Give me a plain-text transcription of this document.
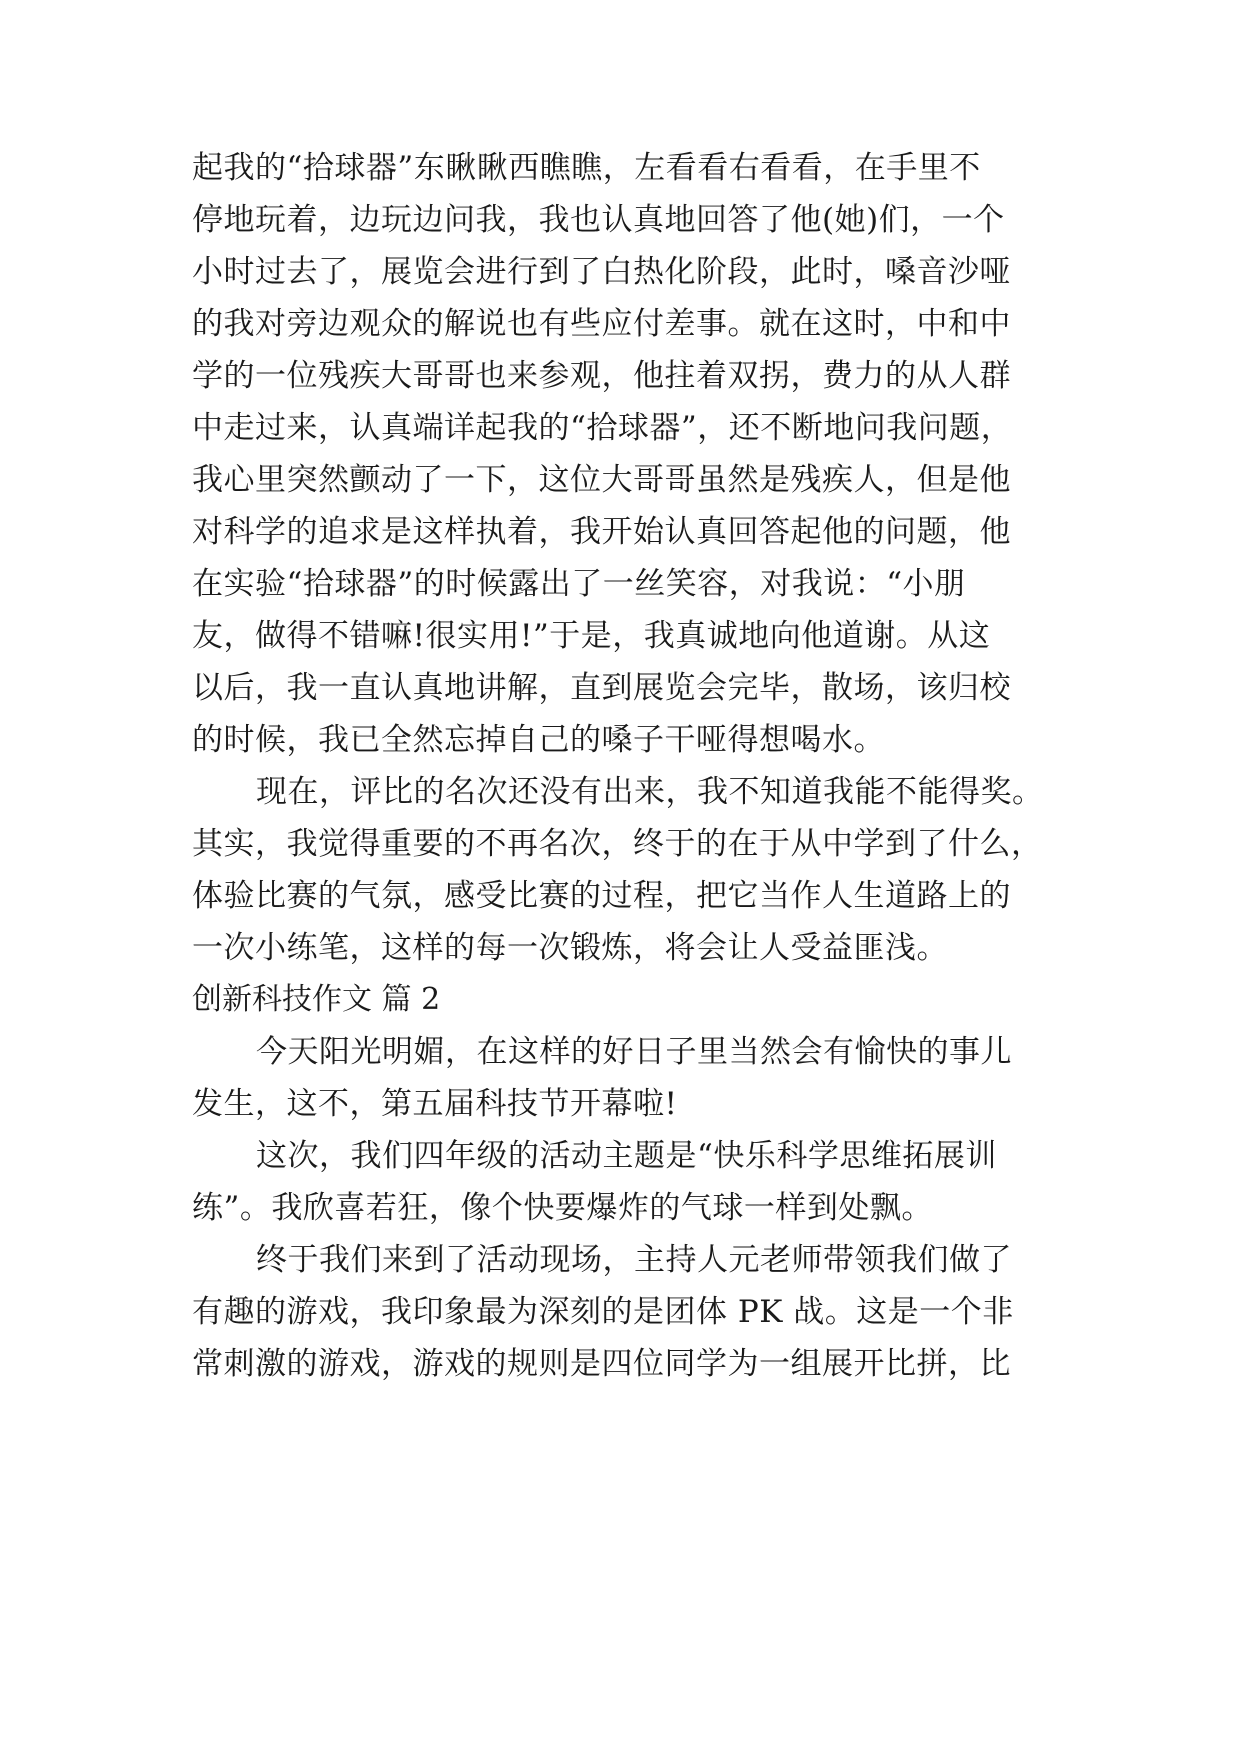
起我的“拾球器”东瞅瞅西瞧瞧，左看看右看看，在手里不
停地玩着，边玩边问我，我也认真地回答了他(她)们，一个
小时过去了，展览会进行到了白热化阶段，此时，嗓音沙哑
的我对旁边观众的解说也有些应付差事。就在这时，中和中
学的一位残疾大哥哥也来参观，他拄着双拐，费力的从人群
中走过来，认真端详起我的“拾球器”，还不断地问我问题，
我心里突然颤动了一下，这位大哥哥虽然是残疾人，但是他
对科学的追求是这样执着，我开始认真回答起他的问题，他
在实验“拾球器”的时候露出了一丝笑容，对我说：“小朋
友，做得不错嘛!很实用!”于是，我真诚地向他道谢。从这
以后，我一直认真地讲解，直到展览会完毕，散场，该归校
的时候，我已全然忘掉自己的嗓子干哑得想喝水。
现在，评比的名次还没有出来，我不知道我能不能得奖。
其实，我觉得重要的不再名次，终于的在于从中学到了什么，
体验比赛的气氛，感受比赛的过程，把它当作人生道路上的
一次小练笔，这样的每一次锻炼，将会让人受益匪浅。
创新科技作文 篇 2
今天阳光明媚，在这样的好日子里当然会有愉快的事儿
发生，这不，第五届科技节开幕啦!
这次，我们四年级的活动主题是“快乐科学思维拓展训
练”。我欣喜若狂，像个快要爆炸的气球一样到处飘。
终于我们来到了活动现场，主持人元老师带领我们做了
有趣的游戏，我印象最为深刻的是团体 PK 战。这是一个非
常刺激的游戏，游戏的规则是四位同学为一组展开比拼，比
